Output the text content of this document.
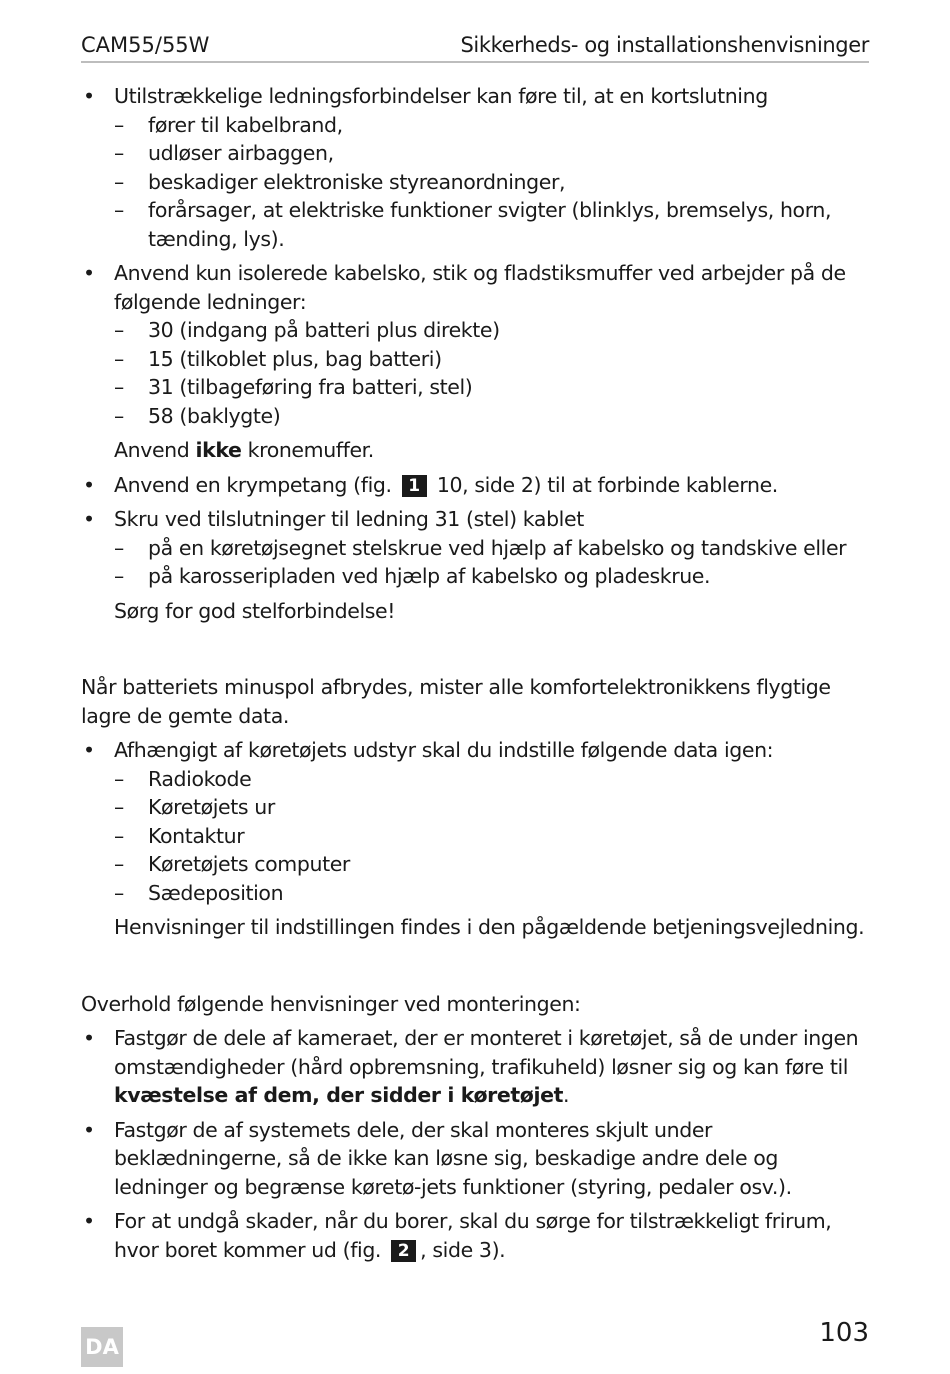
CAM55/55W	Sikkerheds- og installationshenvisninger
• Utilstrækkelige ledningsforbindelser kan føre til, at en kortslutning
– fører til kabelbrand,
– udløser airbaggen,
– beskadiger elektroniske styreanordninger,
– forårsager, at elektriske funktioner svigter (blinklys, bremselys, horn, tænding, lys).
• Anvend kun isolerede kabelsko, stik og fladstiksmuffer ved arbejder på de følgende ledninger:
– 30 (indgang på batteri plus direkte)
– 15 (tilkoblet plus, bag batteri)
– 31 (tilbageføring fra batteri, stel)
– 58 (baklygte)
Anvend ikke kronemuffer.
• Anvend en krympetang (fig. 1 10, side 2) til at forbinde kablerne.
• Skru ved tilslutninger til ledning 31 (stel) kablet
– på en køretøjsegnet stelskrue ved hjælp af kabelsko og tandskive eller
– på karosseripladen ved hjælp af kabelsko og pladeskrue.
Sørg for god stelforbindelse!

Når batteriets minuspol afbrydes, mister alle komfortelektronikkens flygtige lagre de gemte data.

• Afhængigt af køretøjets udstyr skal du indstille følgende data igen:
– Radiokode
– Køretøjets ur
– Kontaktur
– Køretøjets computer
– Sædeposition
Henvisninger til indstillingen findes i den pågældende betjeningsvejledning.

Overhold følgende henvisninger ved monteringen:

• Fastgør de dele af kameraet, der er monteret i køretøjet, så de under ingen omstændigheder (hård opbremsning, trafikuheld) løsner sig og kan føre til kvæstelse af dem, der sidder i køretøjet.
• Fastgør de af systemets dele, der skal monteres skjult under beklædningerne, så de ikke kan løsne sig, beskadige andre dele og ledninger og begrænse køretø-jets funktioner (styring, pedaler osv.).
• For at undgå skader, når du borer, skal du sørge for tilstrækkeligt frirum, hvor boret kommer ud (fig. 2 , side 3).
DA	103
